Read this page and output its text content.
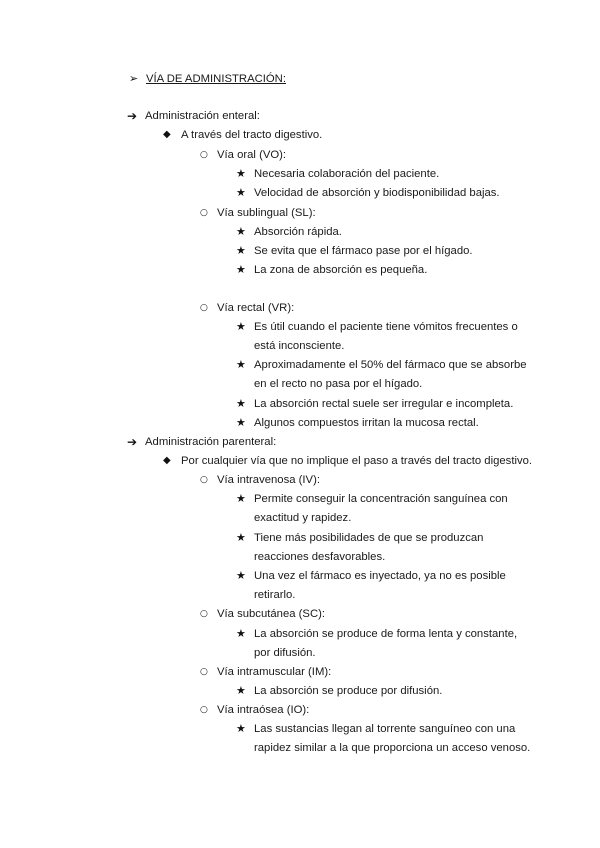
➢ VÍA DE ADMINISTRACIÓN:
➔ Administración enteral:
◆ A través del tracto digestivo.
○ Vía oral (VO):
★ Necesaria colaboración del paciente.
★ Velocidad de absorción y biodisponibilidad bajas.
○ Vía sublingual (SL):
★ Absorción rápida.
★ Se evita que el fármaco pase por el hígado.
★ La zona de absorción es pequeña.
○ Vía rectal (VR):
★ Es útil cuando el paciente tiene vómitos frecuentes o
está inconsciente.
★ Aproximadamente el 50% del fármaco que se absorbe
en el recto no pasa por el hígado.
★ La absorción rectal suele ser irregular e incompleta.
★ Algunos compuestos irritan la mucosa rectal.
➔ Administración parenteral:
◆ Por cualquier vía que no implique el paso a través del tracto digestivo.
○ Vía intravenosa (IV):
★ Permite conseguir la concentración sanguínea con
exactitud y rapidez.
★ Tiene más posibilidades de que se produzcan
reacciones desfavorables.
★ Una vez el fármaco es inyectado, ya no es posible
retirarlo.
○ Vía subcutánea (SC):
★ La absorción se produce de forma lenta y constante,
por difusión.
○ Vía intramuscular (IM):
★ La absorción se produce por difusión.
○ Vía intraósea (IO):
★ Las sustancias llegan al torrente sanguíneo con una
rapidez similar a la que proporciona un acceso venoso.
